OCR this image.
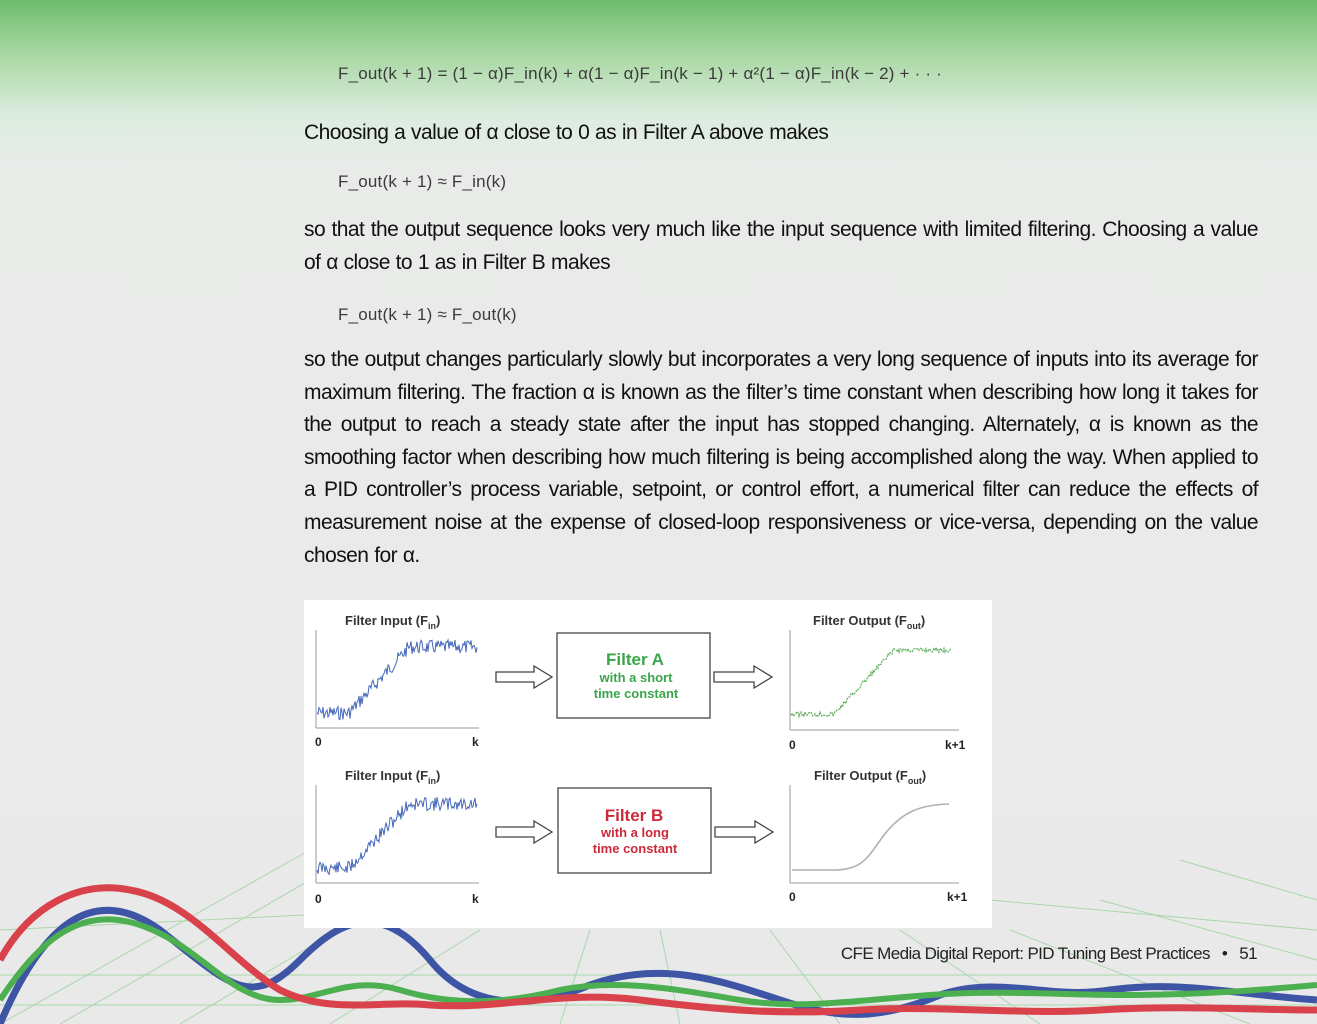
F_out(k + 1) = (1 − α)F_in(k) + α(1 − α)F_in(k − 1) + α²(1 − α)F_in(k − 2) + · · ·
Choosing a value of α close to 0 as in Filter A above makes
F_out(k + 1) ≈ F_in(k)
so that the output sequence looks very much like the input sequence with limited filtering. Choosing a value of α close to 1 as in Filter B makes
F_out(k + 1) ≈ F_out(k)
so the output changes particularly slowly but incorporates a very long sequence of inputs into its average for maximum filtering. The fraction α is known as the filter’s time constant when describing how long it takes for the output to reach a steady state after the input has stopped changing. Alternately, α is known as the smoothing factor when describing how much filtering is being accomplished along the way. When applied to a PID controller’s process variable, setpoint, or control effort, a numerical filter can reduce the effects of measurement noise at the expense of closed-loop responsiveness or vice-versa, depending on the value chosen for α.
Filter Input $(F_{in})$
0	k
Filter A
with a short
time constant
Filter Output $(F_{out})$
0	k+1
Filter Input $(F_{in})$
0	k
Filter B
with a long
time constant
Filter Output $(F_{out})$
0	k+1
CFE Media Digital Report: PID Tuning Best Practices • 51
